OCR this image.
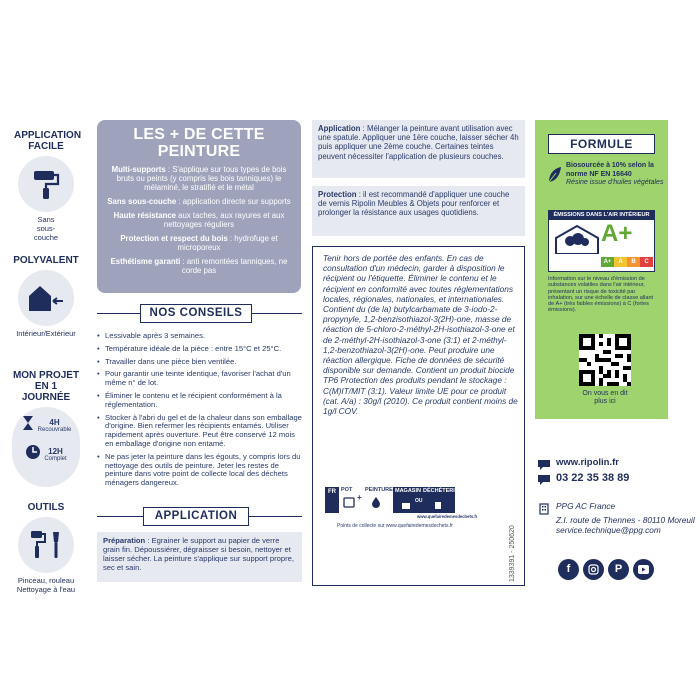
APPLICATION FACILE
Sans sous-couche
POLYVALENT
Intérieur/Extérieur
MON PROJET EN 1 JOURNÉE
4H
Recouvrable
12H
Complet
OUTILS
Pinceau, rouleau Nettoyage à l'eau
LES + DE CETTE PEINTURE
Multi-supports : S'applique sur tous types de bois bruts ou peints (y compris les bois tanniques) le mélaminé, le stratifié et le métal
Sans sous-couche : application directe sur supports
Haute résistance aux taches, aux rayures et aux nettoyages réguliers
Protection et respect du bois : hydrofuge et microporeux
Esthétisme garanti : anti remontées tanniques, ne corde pas
NOS CONSEILS
• Lessivable après 3 semaines.
• Température idéale de la pièce : entre 15°C et 25°C.
• Travailler dans une pièce bien ventilée.
• Pour garantir une teinte identique, favoriser l'achat d'un même n° de lot.
• Éliminer le contenu et le récipient conformément à la réglementation.
• Stocker à l'abri du gel et de la chaleur dans son emballage d'origine. Bien refermer les récipients entamés. Utiliser rapidement après ouverture. Peut être conservé 12 mois en emballage d'origine non entamé.
• Ne pas jeter la peinture dans les égouts, y compris lors du nettoyage des outils de peinture. Jeter les restes de peinture dans votre point de collecte local des déchets ménagers dangereux.
APPLICATION
Préparation : Egrainer le support au papier de verre grain fin. Dépoussiérer, dégraisser si besoin, nettoyer et laisser sécher. La peinture s'applique sur support propre, sec et sain.
Application : Mélanger la peinture avant utilisation avec une spatule. Appliquer une 1ère couche, laisser sécher 4h puis appliquer une 2ème couche. Certaines teintes peuvent nécessiter l'application de plusieurs couches.
Protection : il est recommandé d'appliquer une couche de vernis Ripolin Meubles & Objets pour renforcer et prolonger la résistance aux usages quotidiens.
Tenir hors de portée des enfants. En cas de consultation d'un médecin, garder à disposition le récipient ou l'étiquette. Éliminer le contenu et le récipient en conformité avec toutes réglementations locales, régionales, nationales, et internationales. Contient du (de la) butylcarbamate de 3-iodo-2-propynyle, 1,2-benzisothiazol-3(2H)-one, masse de réaction de 5-chloro-2-méthyl-2H-isothiazol-3-one et de 2-méthyl-2H-isothiazol-3-one (3:1) et 2-méthyl-1,2-benzothiazol-3(2H)-one. Peut produire une réaction allergique. Fiche de données de sécurité disponible sur demande. Contient un produit biocide TP6 Protection des produits pendant le stockage : C(M)IT/MIT (3:1). Valeur limite UE pour ce produit (cat. A/a) : 30g/l (2010). Ce produit contient moins de 1g/l COV.
FR POT
+
PEINTURE MAGASIN DÉCHÈTERIE
OU
www.quefairedemesdechets.fr
Points de collecte sur www.quefairedemesdechets.fr	1339391 - 250620
FORMULE
Biosourcée à 10% selon la norme NF EN 16640
Résine issue d'huiles végétales
ÉMISSIONS DANS L'AIR INTÉRIEUR
A+
A+	A	B	C
Information sur le niveau d'émission de substances volatiles dans l'air intérieur, présentant un risque de toxicité par inhalation, sur une échelle de classe allant de A+ (très faibles émissions) à C (fortes émissions).
On vous en dit plus ici
www.ripolin.fr
03 22 35 38 89
PPG AC France
Z.I. route de Thennes - 80110 Moreuil
service.technique@ppg.com
f	P
